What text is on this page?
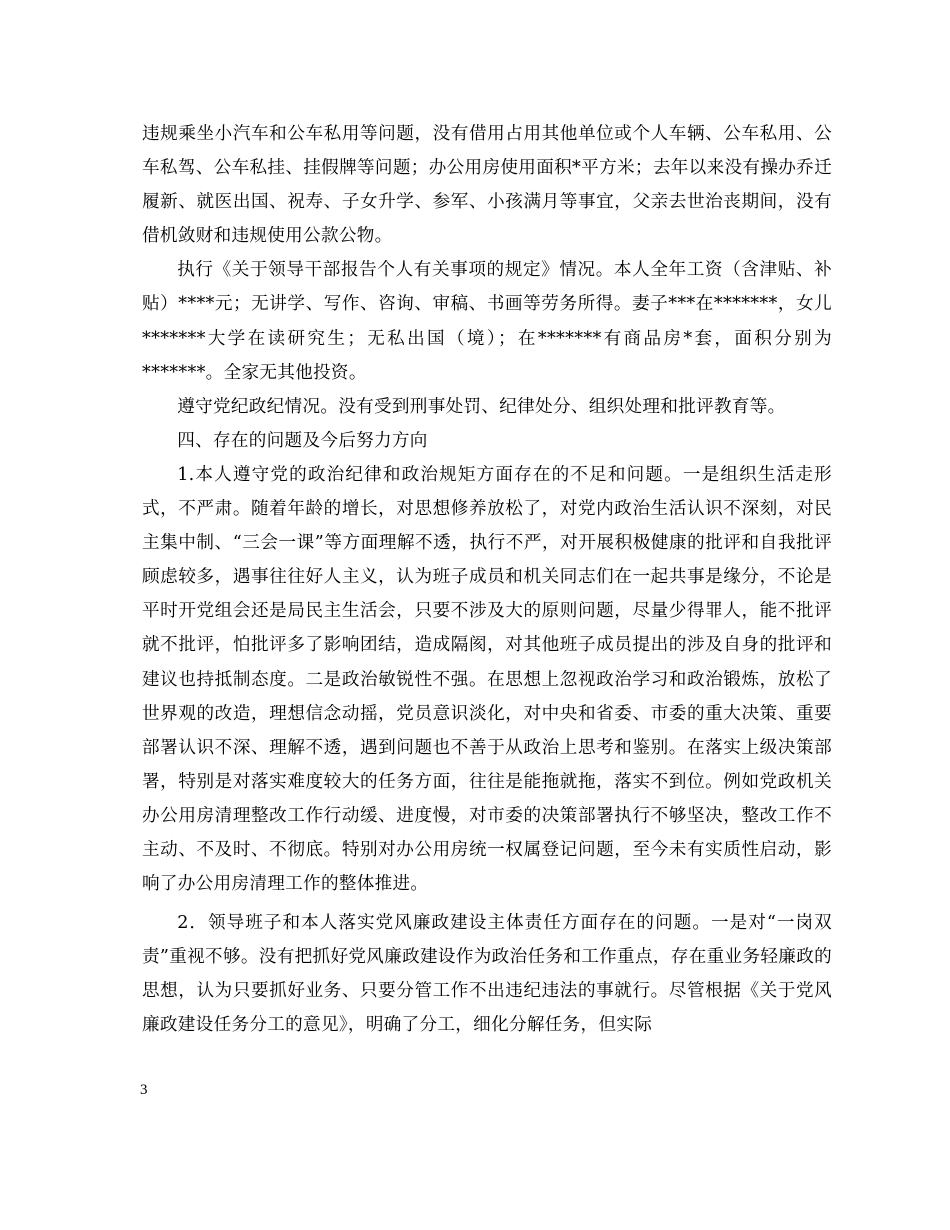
违规乘坐小汽车和公车私用等问题，没有借用占用其他单位或个人车辆、公车私用、公车私驾、公车私挂、挂假牌等问题；办公用房使用面积*平方米；去年以来没有操办乔迁履新、就医出国、祝寿、子女升学、参军、小孩满月等事宜，父亲去世治丧期间，没有借机敛财和违规使用公款公物。

执行《关于领导干部报告个人有关事项的规定》情况。本人全年工资（含津贴、补贴）****元；无讲学、写作、咨询、审稿、书画等劳务所得。妻子***在*******，女儿*******大学在读研究生；无私出国（境）；在*******有商品房*套，面积分别为*******。全家无其他投资。

遵守党纪政纪情况。没有受到刑事处罚、纪律处分、组织处理和批评教育等。

四、存在的问题及今后努力方向

1.本人遵守党的政治纪律和政治规矩方面存在的不足和问题。一是组织生活走形式，不严肃。随着年龄的增长，对思想修养放松了，对党内政治生活认识不深刻，对民主集中制、“三会一课”等方面理解不透，执行不严，对开展积极健康的批评和自我批评顾虑较多，遇事往往好人主义，认为班子成员和机关同志们在一起共事是缘分，不论是平时开党组会还是局民主生活会，只要不涉及大的原则问题，尽量少得罪人，能不批评就不批评，怕批评多了影响团结，造成隔阂，对其他班子成员提出的涉及自身的批评和建议也持抵制态度。二是政治敏锐性不强。在思想上忽视政治学习和政治锻炼，放松了世界观的改造，理想信念动摇，党员意识淡化，对中央和省委、市委的重大决策、重要部署认识不深、理解不透，遇到问题也不善于从政治上思考和鉴别。在落实上级决策部署，特别是对落实难度较大的任务方面，往往是能拖就拖，落实不到位。例如党政机关办公用房清理整改工作行动缓、进度慢，对市委的决策部署执行不够坚决，整改工作不主动、不及时、不彻底。特别对办公用房统一权属登记问题，至今未有实质性启动，影响了办公用房清理工作的整体推进。

2．领导班子和本人落实党风廉政建设主体责任方面存在的问题。一是对“一岗双责”重视不够。没有把抓好党风廉政建设作为政治任务和工作重点，存在重业务轻廉政的思想，认为只要抓好业务、只要分管工作不出违纪违法的事就行。尽管根据《关于党风廉政建设任务分工的意见》，明确了分工，细化分解任务，但实际

3
